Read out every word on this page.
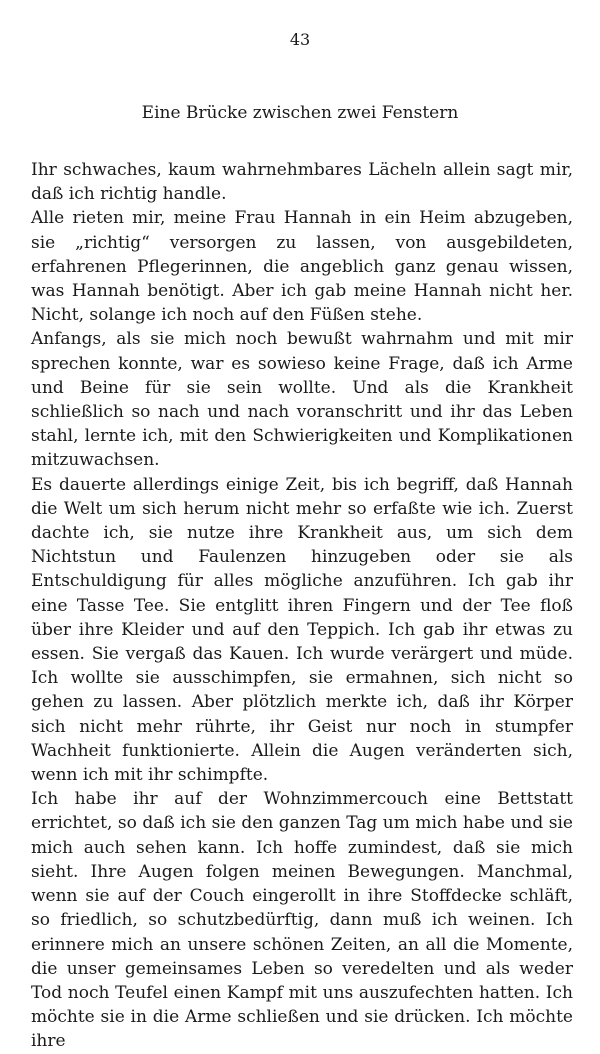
43
Eine Brücke zwischen zwei Fenstern

Ihr schwaches, kaum wahrnehmbares Lächeln allein sagt mir, daß ich richtig handle.

Alle rieten mir, meine Frau Hannah in ein Heim abzugeben, sie „richtig“ versorgen zu lassen, von ausgebildeten, erfahrenen Pflegerinnen, die angeblich ganz genau wissen, was Hannah benötigt. Aber ich gab meine Hannah nicht her. Nicht, solange ich noch auf den Füßen stehe.

Anfangs, als sie mich noch bewußt wahrnahm und mit mir sprechen konnte, war es sowieso keine Frage, daß ich Arme und Beine für sie sein wollte. Und als die Krankheit schließlich so nach und nach voranschritt und ihr das Leben stahl, lernte ich, mit den Schwierigkeiten und Komplikationen mitzuwachsen.

Es dauerte allerdings einige Zeit, bis ich begriff, daß Hannah die Welt um sich herum nicht mehr so erfaßte wie ich. Zuerst dachte ich, sie nutze ihre Krankheit aus, um sich dem Nichtstun und Faulenzen hinzugeben oder sie als Entschuldigung für alles mögliche anzuführen. Ich gab ihr eine Tasse Tee. Sie entglitt ihren Fingern und der Tee floß über ihre Kleider und auf den Teppich. Ich gab ihr etwas zu essen. Sie vergaß das Kauen. Ich wurde verärgert und müde. Ich wollte sie ausschimpfen, sie ermahnen, sich nicht so gehen zu lassen. Aber plötzlich merkte ich, daß ihr Körper sich nicht mehr rührte, ihr Geist nur noch in stumpfer Wachheit funktionierte. Allein die Augen veränderten sich, wenn ich mit ihr schimpfte.

Ich habe ihr auf der Wohnzimmercouch eine Bettstatt errichtet, so daß ich sie den ganzen Tag um mich habe und sie mich auch sehen kann. Ich hoffe zumindest, daß sie mich sieht. Ihre Augen folgen meinen Bewegungen. Manchmal, wenn sie auf der Couch eingerollt in ihre Stoffdecke schläft, so friedlich, so schutzbedürftig, dann muß ich weinen. Ich erinnere mich an unsere schönen Zeiten, an all die Momente, die unser gemeinsames Leben so veredelten und als weder Tod noch Teufel einen Kampf mit uns auszufechten hatten. Ich möchte sie in die Arme schließen und sie drücken. Ich möchte ihre
